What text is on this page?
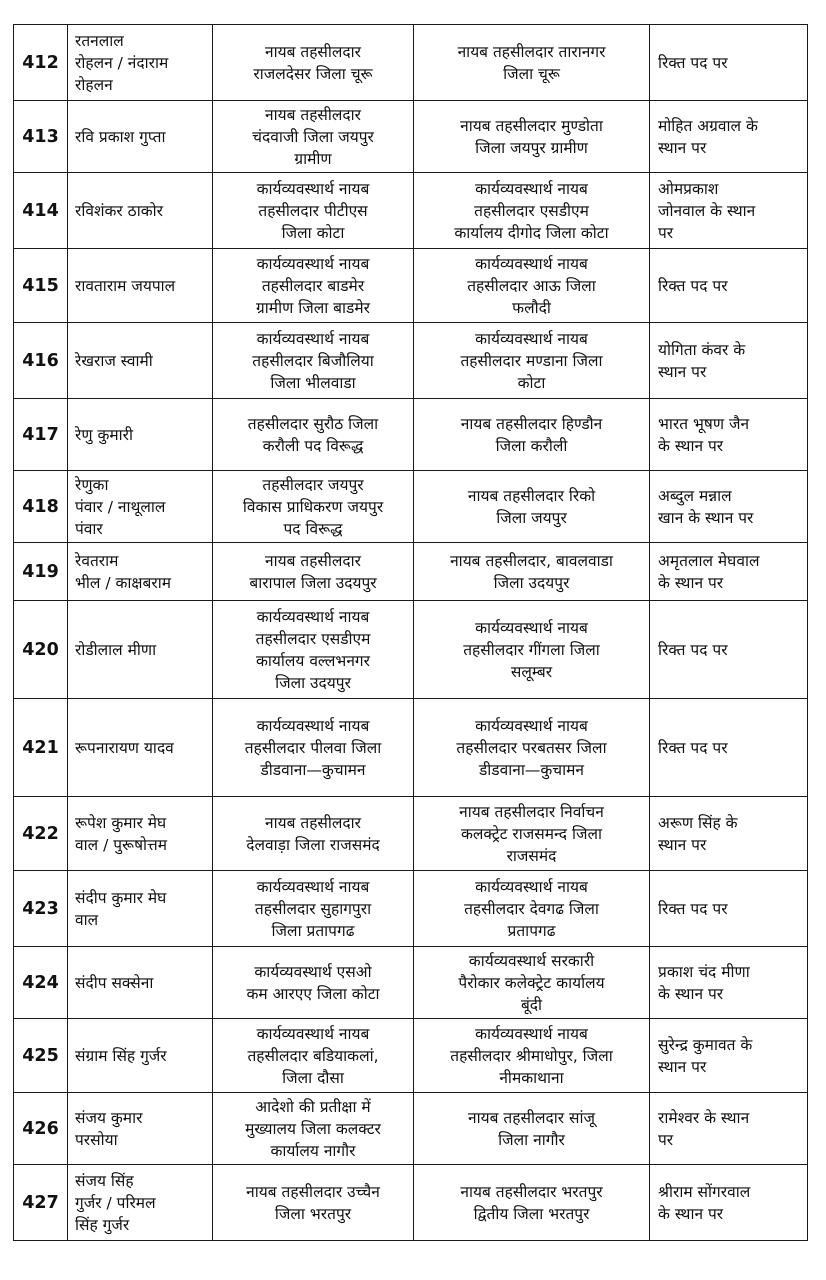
412	रतनलाल
रोहलन / नंदाराम
रोहलन	नायब तहसीलदार
राजलदेसर जिला चूरू	नायब तहसीलदार तारानगर
जिला चूरू	रिक्त पद पर

413	रवि प्रकाश गुप्ता	नायब तहसीलदार
चंदवाजी जिला जयपुर
ग्रामीण	नायब तहसीलदार मुण्डोता
जिला जयपुर ग्रामीण	मोहित अग्रवाल के
स्थान पर

414	रविशंकर ठाकोर	कार्यव्यवस्थार्थ नायब
तहसीलदार पीटीएस
जिला कोटा	कार्यव्यवस्थार्थ नायब
तहसीलदार एसडीएम
कार्यालय दीगोद जिला कोटा	ओमप्रकाश
जोनवाल के स्थान
पर

415	रावताराम जयपाल	कार्यव्यवस्थार्थ नायब
तहसीलदार बाडमेर
ग्रामीण जिला बाडमेर	कार्यव्यवस्थार्थ नायब
तहसीलदार आऊ जिला
फलौदी	रिक्त पद पर

416	रेखराज स्वामी	कार्यव्यवस्थार्थ नायब
तहसीलदार बिजौलिया
जिला भीलवाडा	कार्यव्यवस्थार्थ नायब
तहसीलदार मण्डाना जिला
कोटा	योगिता कंवर के
स्थान पर

417	रेणु कुमारी	तहसीलदार सुरौठ जिला
करौली पद विरूद्ध	नायब तहसीलदार हिण्डौन
जिला करौली	भारत भूषण जैन
के स्थान पर

418	रेणुका
पंवार / नाथूलाल
पंवार	तहसीलदार जयपुर
विकास प्राधिकरण जयपुर
पद विरूद्ध	नायब तहसीलदार रिको
जिला जयपुर	अब्दुल मन्नाल
खान के स्थान पर

419	रेवतराम
भील / काक्षबराम	नायब तहसीलदार
बारापाल जिला उदयपुर	नायब तहसीलदार, बावलवाडा
जिला उदयपुर	अमृतलाल मेघवाल
के स्थान पर

420	रोडीलाल मीणा	कार्यव्यवस्थार्थ नायब
तहसीलदार एसडीएम
कार्यालय वल्लभनगर
जिला उदयपुर	कार्यव्यवस्थार्थ नायब
तहसीलदार गींगला जिला
सलूम्बर	रिक्त पद पर

421	रूपनारायण यादव	कार्यव्यवस्थार्थ नायब
तहसीलदार पीलवा जिला
डीडवाना—कुचामन	कार्यव्यवस्थार्थ नायब
तहसीलदार परबतसर जिला
डीडवाना—कुचामन	रिक्त पद पर

422	रूपेश कुमार मेघ
वाल / पुरूषोत्तम	नायब तहसीलदार
देलवाड़ा जिला राजसमंद	नायब तहसीलदार निर्वाचन
कलक्ट्रेट राजसमन्द जिला
राजसमंद	अरूण सिंह के
स्थान पर

423	संदीप कुमार मेघ
वाल	कार्यव्यवस्थार्थ नायब
तहसीलदार सुहागपुरा
जिला प्रतापगढ	कार्यव्यवस्थार्थ नायब
तहसीलदार देवगढ जिला
प्रतापगढ	रिक्त पद पर

424	संदीप सक्सेना	कार्यव्यवस्थार्थ एसओ
कम आरएए जिला कोटा	कार्यव्यवस्थार्थ सरकारी
पैरोकार कलेक्ट्रेट कार्यालय
बूंदी	प्रकाश चंद मीणा
के स्थान पर

425	संग्राम सिंह गुर्जर	कार्यव्यवस्थार्थ नायब
तहसीलदार बडियाकलां,
जिला दौसा	कार्यव्यवस्थार्थ नायब
तहसीलदार श्रीमाधोपुर, जिला
नीमकाथाना	सुरेन्द्र कुमावत के
स्थान पर

426	संजय कुमार
परसोया	आदेशो की प्रतीक्षा में
मुख्यालय जिला कलक्टर
कार्यालय नागौर	नायब तहसीलदार सांजू
जिला नागौर	रामेश्वर के स्थान
पर

427	संजय सिंह
गुर्जर / परिमल
सिंह गुर्जर	नायब तहसीलदार उच्चैन
जिला भरतपुर	नायब तहसीलदार भरतपुर
द्वितीय जिला भरतपुर	श्रीराम सोंगरवाल
के स्थान पर
